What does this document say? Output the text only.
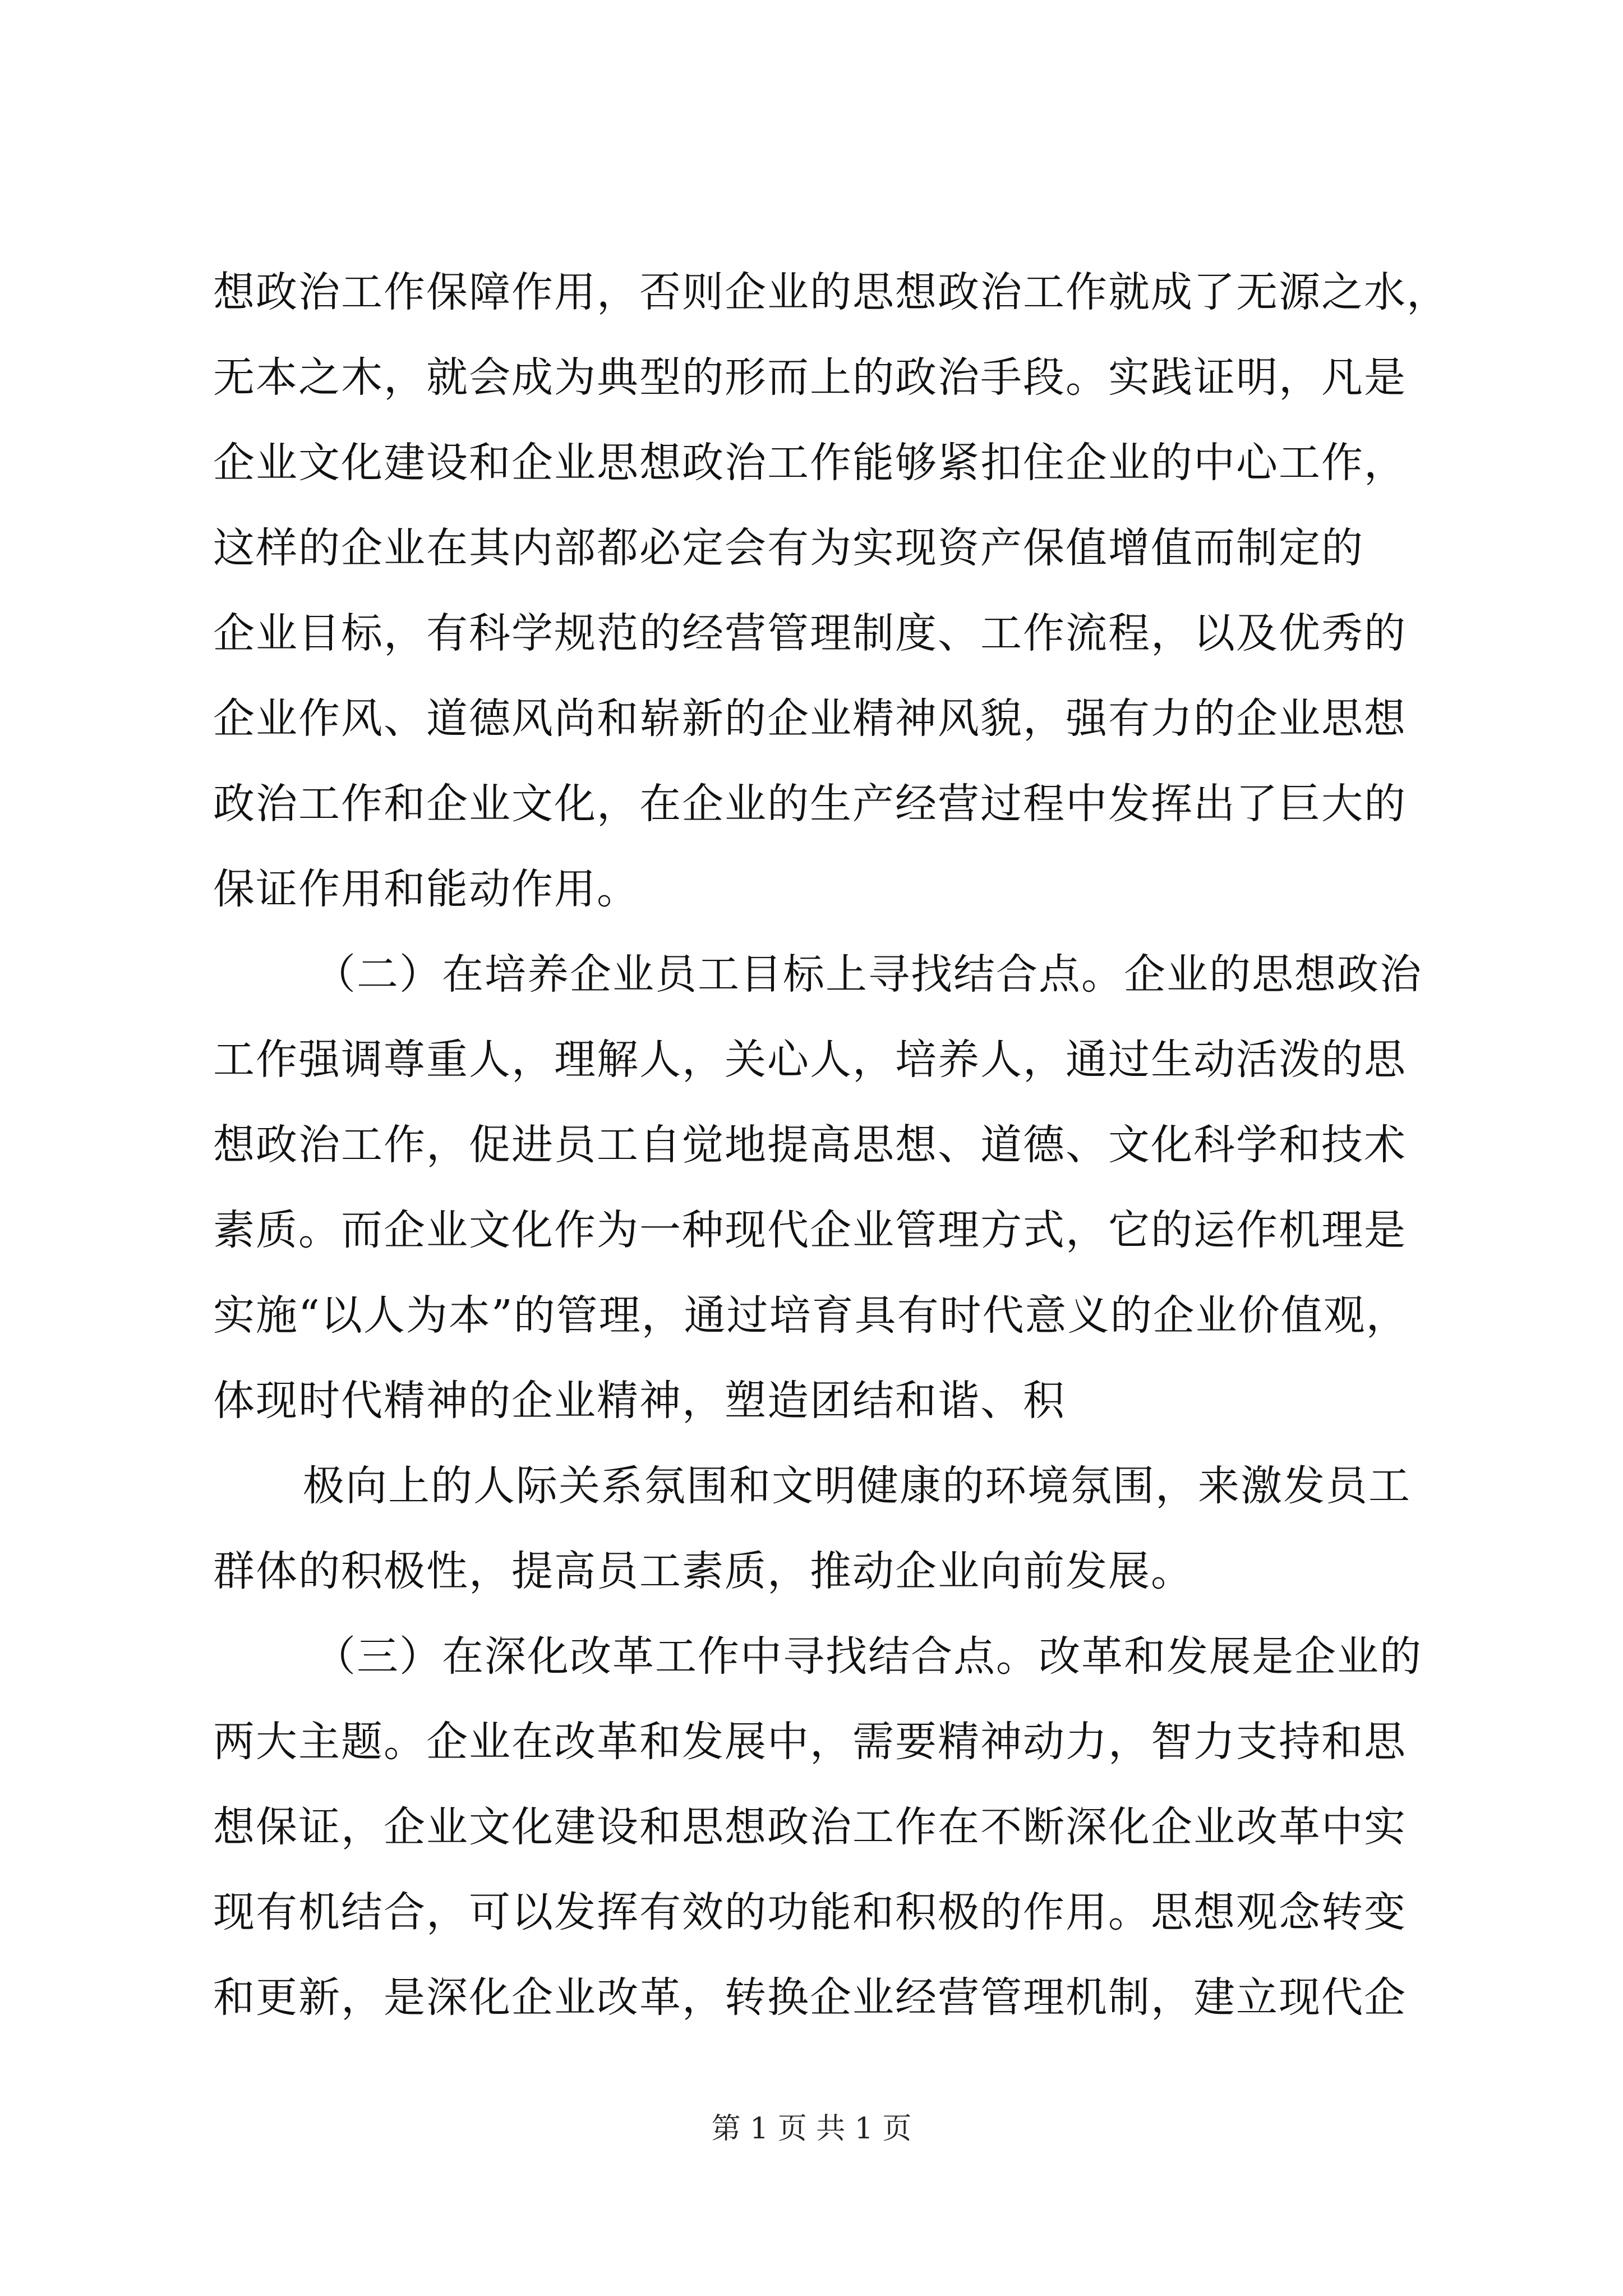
想政治工作保障作用，否则企业的思想政治工作就成了无源之水，
无本之木，就会成为典型的形而上的政治手段。实践证明，凡是
企业文化建设和企业思想政治工作能够紧扣住企业的中心工作，
这样的企业在其内部都必定会有为实现资产保值增值而制定的
企业目标，有科学规范的经营管理制度、工作流程，以及优秀的
企业作风、道德风尚和崭新的企业精神风貌，强有力的企业思想
政治工作和企业文化，在企业的生产经营过程中发挥出了巨大的
保证作用和能动作用。
（二）在培养企业员工目标上寻找结合点。企业的思想政治
工作强调尊重人，理解人，关心人，培养人，通过生动活泼的思
想政治工作，促进员工自觉地提高思想、道德、文化科学和技术
素质。而企业文化作为一种现代企业管理方式，它的运作机理是
实施“以人为本”的管理，通过培育具有时代意义的企业价值观，
体现时代精神的企业精神，塑造团结和谐、积
极向上的人际关系氛围和文明健康的环境氛围，来激发员工
群体的积极性，提高员工素质，推动企业向前发展。
（三）在深化改革工作中寻找结合点。改革和发展是企业的
两大主题。企业在改革和发展中，需要精神动力，智力支持和思
想保证，企业文化建设和思想政治工作在不断深化企业改革中实
现有机结合，可以发挥有效的功能和积极的作用。思想观念转变
和更新，是深化企业改革，转换企业经营管理机制，建立现代企
第 1 页 共 1 页
